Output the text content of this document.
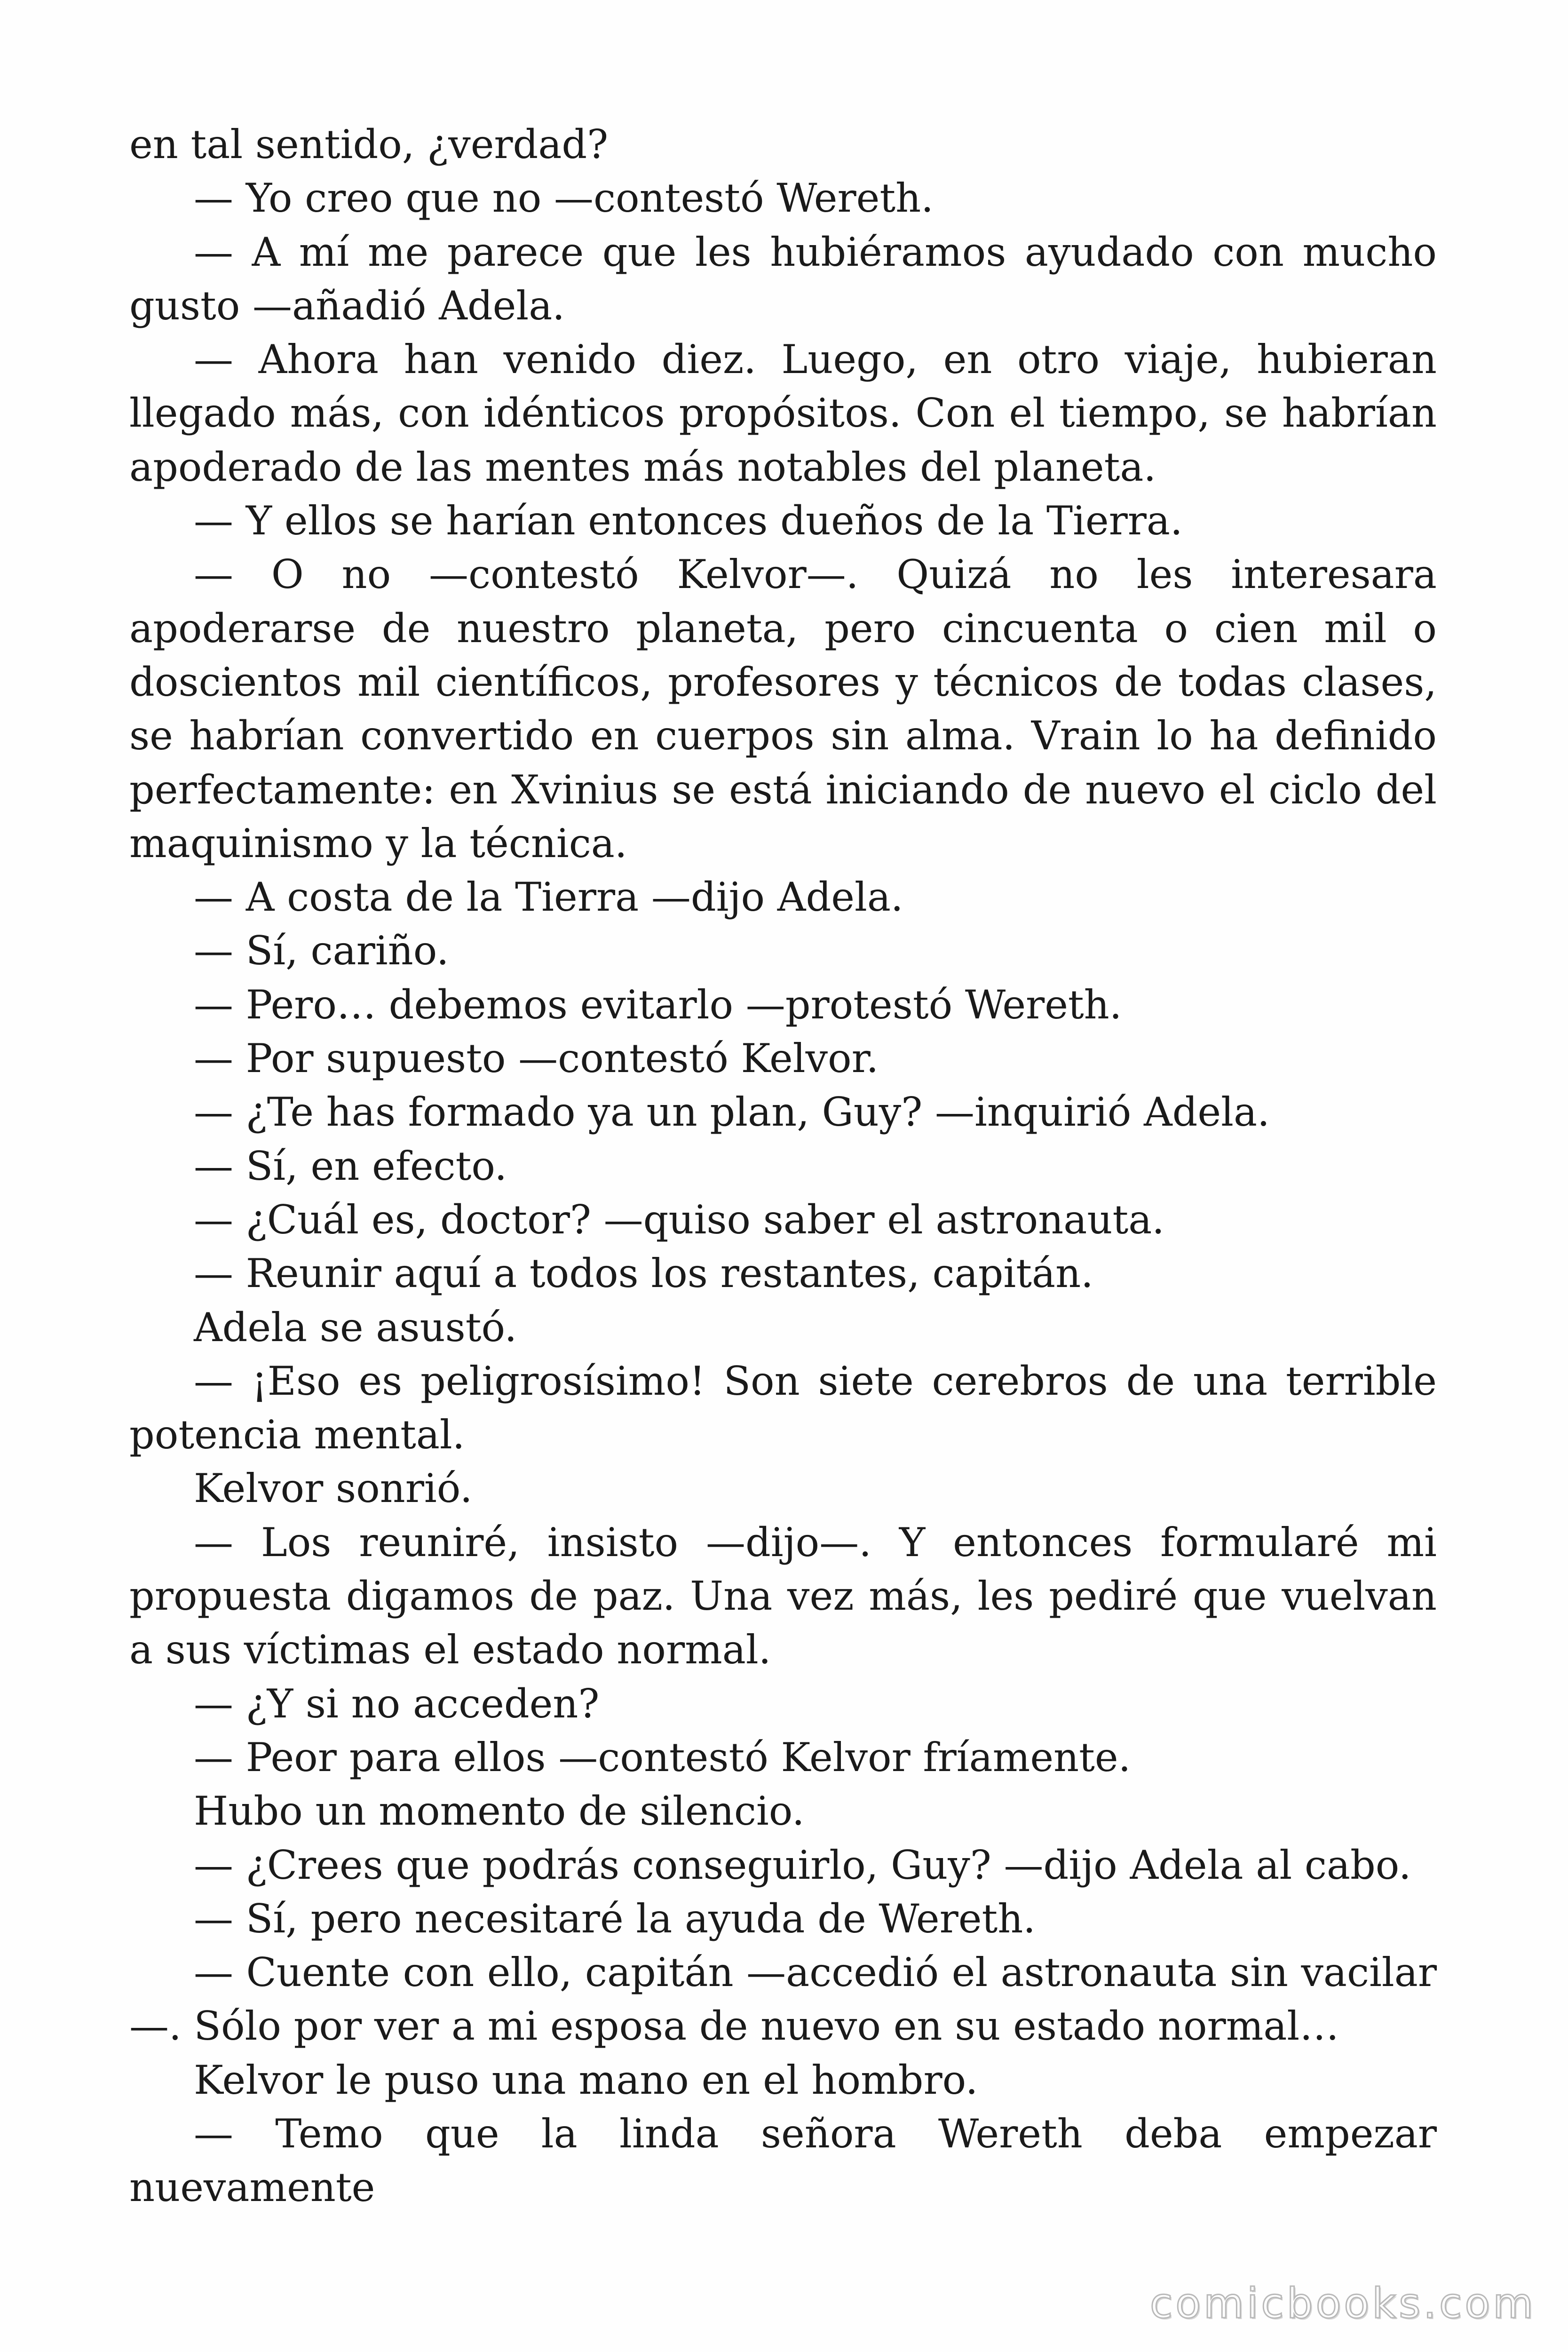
en tal sentido, ¿verdad?

— Yo creo que no —contestó Wereth.

— A mí me parece que les hubiéramos ayudado con mucho gusto —añadió Adela.

— Ahora han venido diez. Luego, en otro viaje, hubieran llegado más, con idénticos propósitos. Con el tiempo, se habrían apoderado de las mentes más notables del planeta.

— Y ellos se harían entonces dueños de la Tierra.

— O no —contestó Kelvor—. Quizá no les interesara apoderarse de nuestro planeta, pero cincuenta o cien mil o doscientos mil científicos, profesores y técnicos de todas clases, se habrían convertido en cuerpos sin alma. Vrain lo ha definido perfectamente: en Xvinius se está iniciando de nuevo el ciclo del maquinismo y la técnica.

— A costa de la Tierra —dijo Adela.

— Sí, cariño.

— Pero… debemos evitarlo —protestó Wereth.

— Por supuesto —contestó Kelvor.

— ¿Te has formado ya un plan, Guy? —inquirió Adela.

— Sí, en efecto.

— ¿Cuál es, doctor? —quiso saber el astronauta.

— Reunir aquí a todos los restantes, capitán.

Adela se asustó.

— ¡Eso es peligrosísimo! Son siete cerebros de una terrible potencia mental.

Kelvor sonrió.

— Los reuniré, insisto —dijo—. Y entonces formularé mi propuesta digamos de paz. Una vez más, les pediré que vuelvan a sus víctimas el estado normal.

— ¿Y si no acceden?

— Peor para ellos —contestó Kelvor fríamente.

Hubo un momento de silencio.

— ¿Crees que podrás conseguirlo, Guy? —dijo Adela al cabo.

— Sí, pero necesitaré la ayuda de Wereth.

— Cuente con ello, capitán —accedió el astronauta sin vacilar—. Sólo por ver a mi esposa de nuevo en su estado normal…

Kelvor le puso una mano en el hombro.

— Temo que la linda señora Wereth deba empezar nuevamente

comicbooks.com
